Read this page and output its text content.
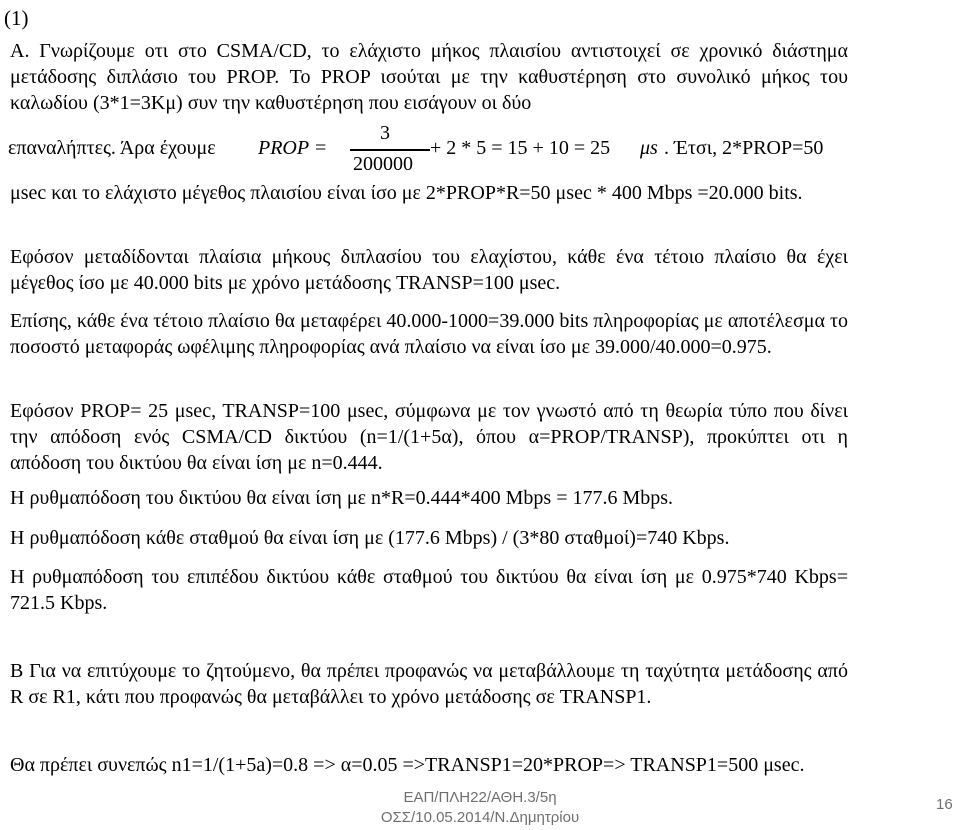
(1)
Α. Γνωρίζουμε οτι στο CSMA/CD, το ελάχιστο μήκος πλαισίου αντιστοιχεί σε χρονικό διάστημα μετάδοσης διπλάσιο του PROP. Το PROP ισούται με την καθυστέρηση στο συνολικό μήκος του καλωδίου (3*1=3Kμ) συν την καθυστέρηση που εισάγουν οι δύο
επαναλήπτες. Άρα έχουμε PROP =
3
200000
+ 2 * 5 = 15 + 10 = 25 μs . Έτσι, 2*PROP=50
μsec και το ελάχιστο μέγεθος πλαισίου είναι ίσο με 2*PROP*R=50 μsec * 400 Mbps =20.000 bits.
Εφόσον μεταδίδονται πλαίσια μήκους διπλασίου του ελαχίστου, κάθε ένα τέτοιο πλαίσιο θα έχει μέγεθος ίσο με 40.000 bits με χρόνο μετάδοσης TRANSP=100 μsec.
Επίσης, κάθε ένα τέτοιο πλαίσιο θα μεταφέρει 40.000-1000=39.000 bits πληροφορίας με αποτέλεσμα το ποσοστό μεταφοράς ωφέλιμης πληροφορίας ανά πλαίσιο να είναι ίσο με 39.000/40.000=0.975.
Εφόσον PROP= 25 μsec, TRANSP=100 μsec, σύμφωνα με τον γνωστό από τη θεωρία τύπο που δίνει την απόδοση ενός CSMA/CD δικτύου (n=1/(1+5α), όπου α=PROP/TRANSP), προκύπτει οτι η απόδοση του δικτύου θα είναι ίση με n=0.444.
Η ρυθμαπόδοση του δικτύου θα είναι ίση με n*R=0.444*400 Mbps = 177.6 Mbps.
Η ρυθμαπόδοση κάθε σταθμού θα είναι ίση με (177.6 Mbps) / (3*80 σταθμοί)=740 Kbps.
Η ρυθμαπόδοση του επιπέδου δικτύου κάθε σταθμού του δικτύου θα είναι ίση με 0.975*740 Kbps= 721.5 Kbps.
Β Για να επιτύχουμε το ζητούμενο, θα πρέπει προφανώς να μεταβάλλουμε τη ταχύτητα μετάδοσης από R σε R1, κάτι που προφανώς θα μεταβάλλει το χρόνο μετάδοσης σε TRANSP1.
Θα πρέπει συνεπώς n1=1/(1+5a)=0.8 => α=0.05 =>TRANSP1=20*PROP=> TRANSP1=500 μsec.
ΕΑΠ/ΠΛΗ22/ΑΘΗ.3/5η
ΟΣΣ/10.05.2014/Ν.Δημητρίου
16
